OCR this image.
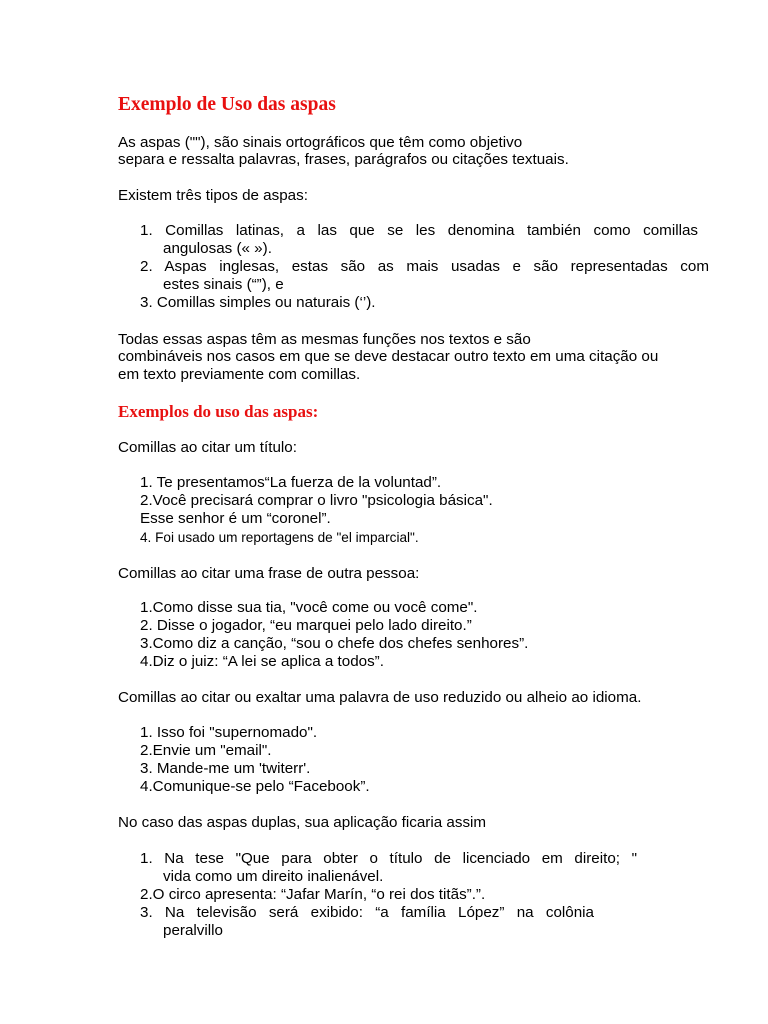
Exemplo de Uso das aspas
As aspas (""), são sinais ortográficos que têm como objetivo
separa e ressalta palavras, frases, parágrafos ou citações textuais.
Existem três tipos de aspas:
1. Comillas latinas, a las que se les denomina también como comillas
angulosas (« »).
2. Aspas inglesas, estas são as mais usadas e são representadas com
estes sinais (“”), e
3. Comillas simples ou naturais (‘’).
Todas essas aspas têm as mesmas funções nos textos e são
combináveis nos casos em que se deve destacar outro texto em uma citação ou
em texto previamente com comillas.
Exemplos do uso das aspas:
Comillas ao citar um título:
1. Te presentamos“La fuerza de la voluntad”.
2.Você precisará comprar o livro "psicologia básica".
Esse senhor é um “coronel”.
4. Foi usado um reportagens de "el imparcial".
Comillas ao citar uma frase de outra pessoa:
1.Como disse sua tia, "você come ou você come".
2. Disse o jogador, “eu marquei pelo lado direito.”
3.Como diz a canção, “sou o chefe dos chefes senhores”.
4.Diz o juiz: “A lei se aplica a todos”.
Comillas ao citar ou exaltar uma palavra de uso reduzido ou alheio ao idioma.
1. Isso foi "supernomado".
2.Envie um "email".
3. Mande-me um 'twiterr'.
4.Comunique-se pelo “Facebook”.
No caso das aspas duplas, sua aplicação ficaria assim
1. Na tese "Que para obter o título de licenciado em direito; "
vida como um direito inalienável.
2.O circo apresenta: “Jafar Marín, “o rei dos titãs”.”.
3. Na televisão será exibido: “a família López” na colônia
peralvillo
